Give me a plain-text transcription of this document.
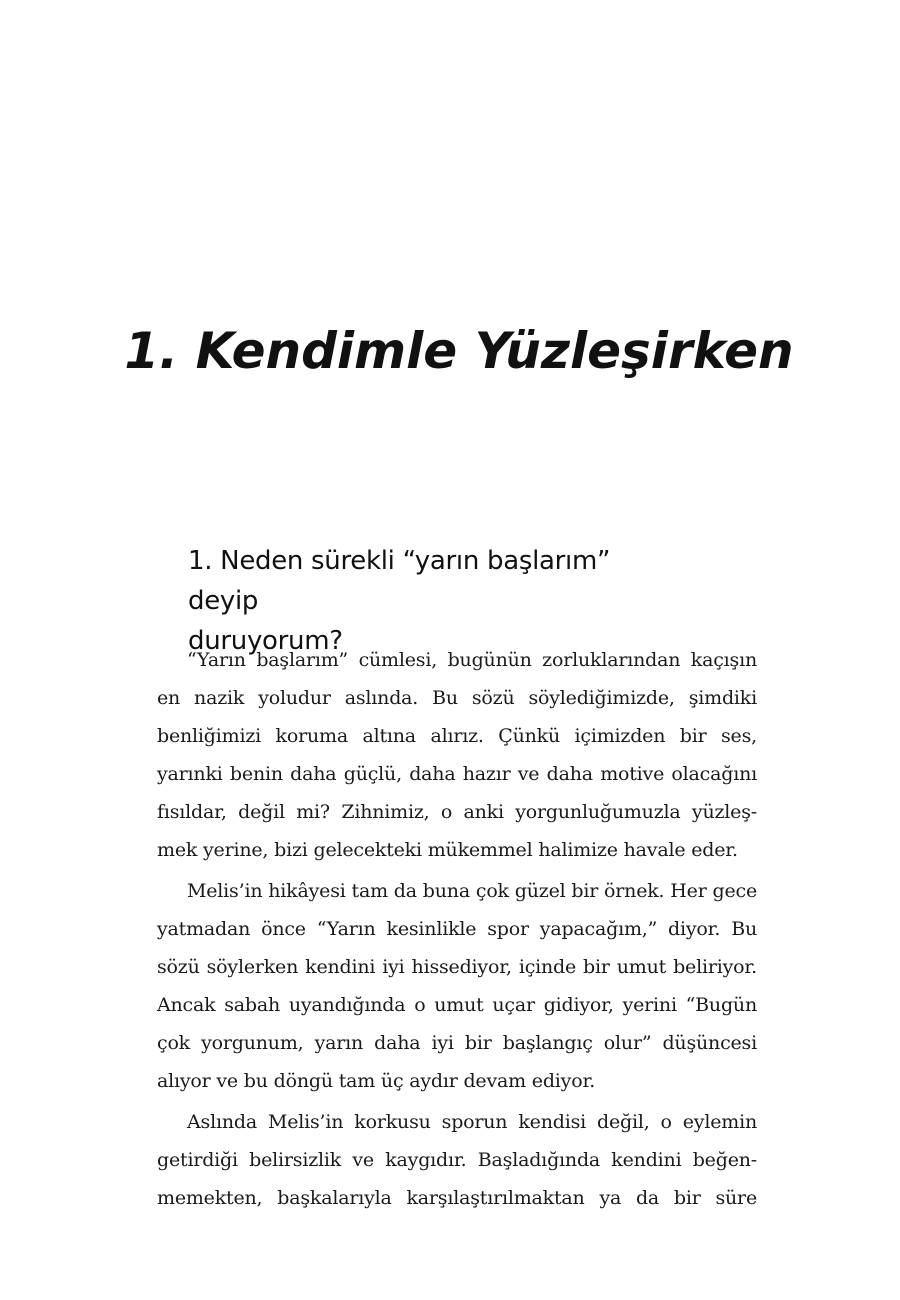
1. Kendimle Yüzleşirken
1. Neden sürekli “yarın başlarım” deyip
duruyorum?

“Yarın başlarım” cümlesi, bugünün zorluklarından kaçışın
en nazik yoludur aslında. Bu sözü söylediğimizde, şimdiki
benliğimizi koruma altına alırız. Çünkü içimizden bir ses,
yarınki benin daha güçlü, daha hazır ve daha motive olacağını
fısıldar, değil mi? Zihnimiz, o anki yorgunluğumuzla yüzleş-
mek yerine, bizi gelecekteki mükemmel halimize havale eder.

Melis’in hikâyesi tam da buna çok güzel bir örnek. Her gece
yatmadan önce “Yarın kesinlikle spor yapacağım,” diyor. Bu
sözü söylerken kendini iyi hissediyor, içinde bir umut beliriyor.
Ancak sabah uyandığında o umut uçar gidiyor, yerini “Bugün
çok yorgunum, yarın daha iyi bir başlangıç olur” düşüncesi
alıyor ve bu döngü tam üç aydır devam ediyor.

Aslında Melis’in korkusu sporun kendisi değil, o eylemin
getirdiği belirsizlik ve kaygıdır. Başladığında kendini beğen-
memekten, başkalarıyla karşılaştırılmaktan ya da bir süre
